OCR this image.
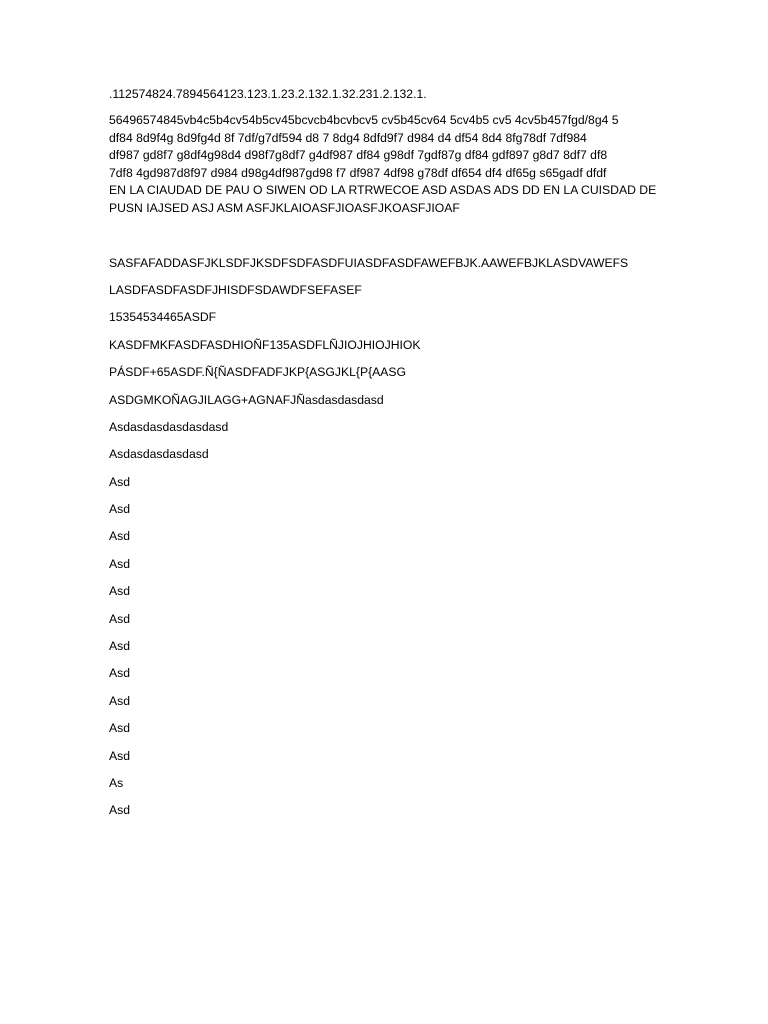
.112574824.7894564123.123.1.23.2.132.1.32.231.2.132.1.

56496574845vb4c5b4cv54b5cv45bcvcb4bcvbcv5 cv5b45cv64 5cv4b5 cv5 4cv5b457fgd/8g4 5
df84 8d9f4g 8d9fg4d 8f 7df/g7df594 d8 7 8dg4 8dfd9f7 d984 d4 df54 8d4 8fg78df 7df984
df987 gd8f7 g8df4g98d4 d98f7g8df7 g4df987 df84 g98df 7gdf87g df84 gdf897 g8d7 8df7 df8
7df8 4gd987d8f97 d984 d98g4df987gd98 f7 df987 4df98 g78df df654 df4 df65g s65gadf dfdf
EN LA CIAUDAD DE PAU O SIWEN OD LA RTRWECOE ASD ASDAS ADS DD EN LA CUISDAD DE
PUSN IAJSED ASJ ASM ASFJKLAIOASFJIOASFJKOASFJIOAF

SASFAFADDASFJKLSDFJKSDFSDFASDFUIASDFASDFAWEFBJK.AAWEFBJKLASDVAWEFS

LASDFASDFASDFJHISDFSDAWDFSEFASEF

15354534465ASDF

KASDFMKFASDFASDHIOÑF135ASDFLÑJIOJHIOJHIOK

PÁSDF+65ASDF.Ñ{ÑASDFADFJKP{ASGJKL{P{AASG

ASDGMKOÑAGJILAGG+AGNAFJÑasdasdasdasd

Asdasdasdasdasdasd

Asdasdasdasdasd

Asd

Asd

Asd

Asd

Asd

Asd

Asd

Asd

Asd

Asd

Asd

As

Asd
